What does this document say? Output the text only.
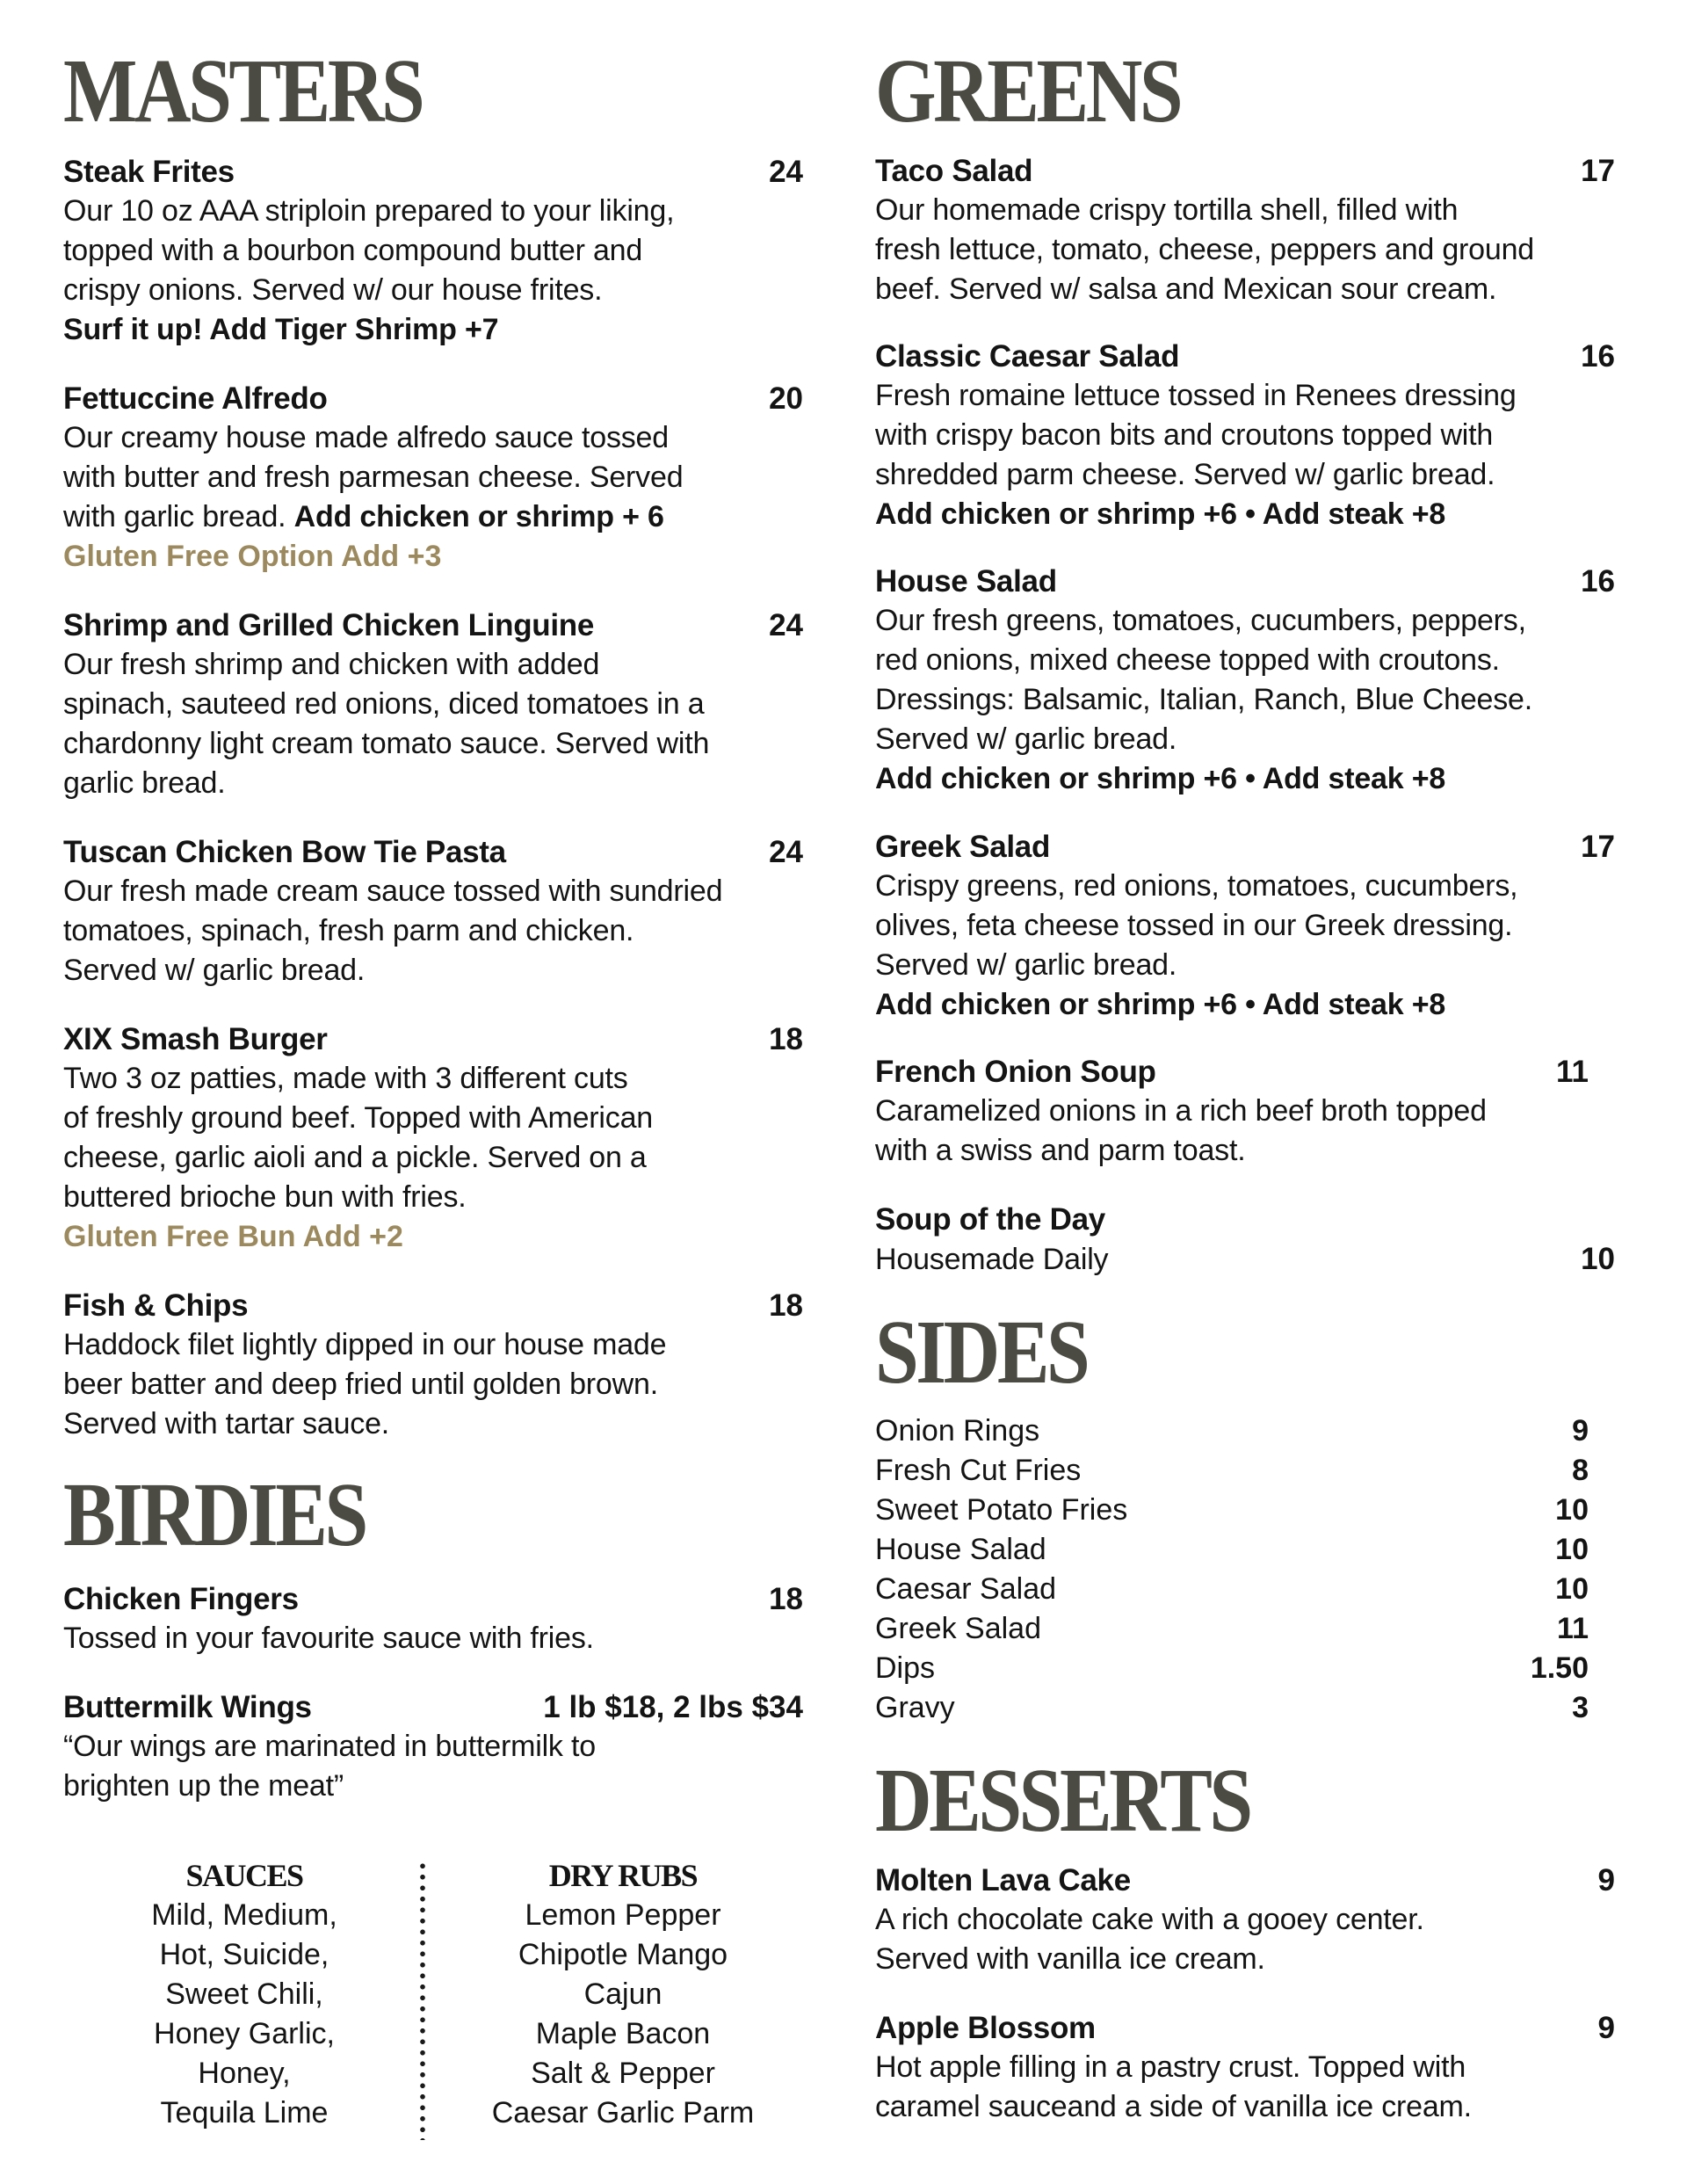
MASTERS
Steak Frites	24
Our 10 oz AAA striploin prepared to your liking,
topped with a bourbon compound butter and
crispy onions. Served w/ our house frites.
Surf it up! Add Tiger Shrimp +7
Fettuccine Alfredo	20
Our creamy house made alfredo sauce tossed
with butter and fresh parmesan cheese. Served
with garlic bread. Add chicken or shrimp + 6
Gluten Free Option Add +3
Shrimp and Grilled Chicken Linguine	24
Our fresh shrimp and chicken with added
spinach, sauteed red onions, diced tomatoes in a
chardonny light cream tomato sauce. Served with
garlic bread.
Tuscan Chicken Bow Tie Pasta	24
Our fresh made cream sauce tossed with sundried
tomatoes, spinach, fresh parm and chicken.
Served w/ garlic bread.
XIX Smash Burger	18
Two 3 oz patties, made with 3 different cuts
of freshly ground beef. Topped with American
cheese, garlic aioli and a pickle. Served on a
buttered brioche bun with fries.
Gluten Free Bun Add +2
Fish & Chips	18
Haddock filet lightly dipped in our house made
beer batter and deep fried until golden brown.
Served with tartar sauce.
BIRDIES
Chicken Fingers	18
Tossed in your favourite sauce with fries.
Buttermilk Wings	1 lb $18, 2 lbs $34
“Our wings are marinated in buttermilk to
brighten up the meat”
SAUCES
Mild, Medium,
Hot, Suicide,
Sweet Chili,
Honey Garlic,
Honey,
Tequila Lime
DRY RUBS
Lemon Pepper
Chipotle Mango
Cajun
Maple Bacon
Salt & Pepper
Caesar Garlic Parm
GREENS
Taco Salad	17
Our homemade crispy tortilla shell, filled with
fresh lettuce, tomato, cheese, peppers and ground
beef. Served w/ salsa and Mexican sour cream.
Classic Caesar Salad	16
Fresh romaine lettuce tossed in Renees dressing
with crispy bacon bits and croutons topped with
shredded parm cheese. Served w/ garlic bread.
Add chicken or shrimp +6 • Add steak +8
House Salad	16
Our fresh greens, tomatoes, cucumbers, peppers,
red onions, mixed cheese topped with croutons.
Dressings: Balsamic, Italian, Ranch, Blue Cheese.
Served w/ garlic bread.
Add chicken or shrimp +6 • Add steak +8
Greek Salad	17
Crispy greens, red onions, tomatoes, cucumbers,
olives, feta cheese tossed in our Greek dressing.
Served w/ garlic bread.
Add chicken or shrimp +6 • Add steak +8
French Onion Soup	11
Caramelized onions in a rich beef broth topped
with a swiss and parm toast.
Soup of the Day
Housemade Daily	10
SIDES
Onion Rings	9
Fresh Cut Fries	8
Sweet Potato Fries	10
House Salad	10
Caesar Salad	10
Greek Salad	11
Dips	1.50
Gravy	3
DESSERTS
Molten Lava Cake	9
A rich chocolate cake with a gooey center.
Served with vanilla ice cream.
Apple Blossom	9
Hot apple filling in a pastry crust. Topped with
caramel sauceand a side of vanilla ice cream.
